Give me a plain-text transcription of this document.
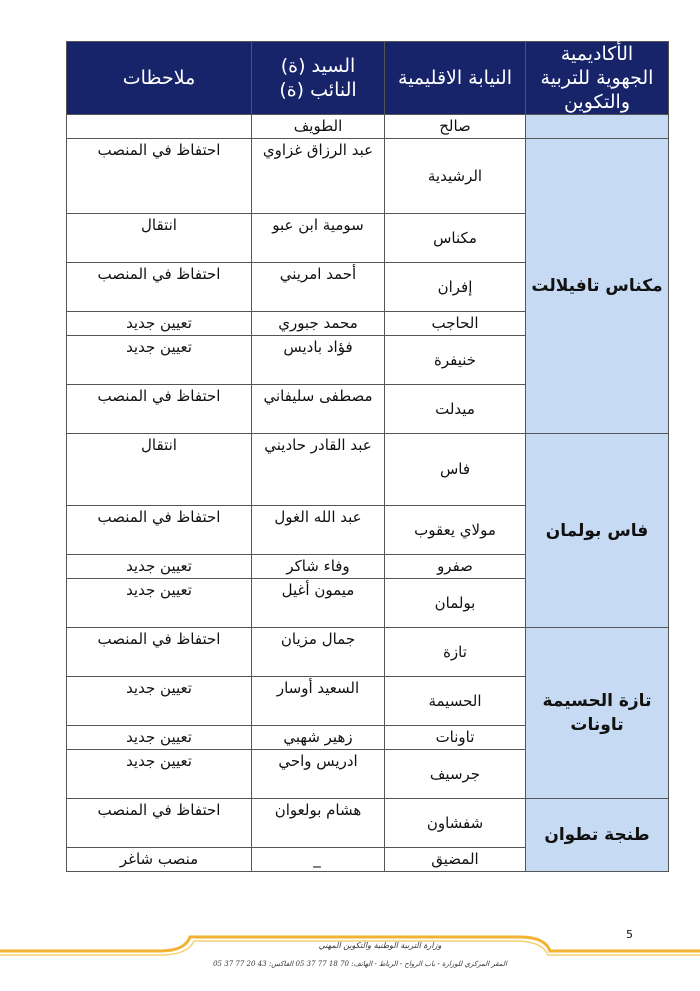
الأكاديمية الجهوية للتربية والتكوين	النيابة الاقليمية	السيد (ة) النائب (ة)	ملاحظات
	صالح	الطويف	
مكناس تافيلالت	الرشيدية	عبد الرزاق غزاوي	احتفاظ في المنصب
	مكناس	سومية ابن عبو	انتقال
	إفران	أحمد امريني	احتفاظ في المنصب
	الحاجب	محمد جبوري	تعيين جديد
	خنيفرة	فؤاد باديس	تعيين جديد
	ميدلت	مصطفى سليفاني	احتفاظ في المنصب
فاس بولمان	فاس	عبد القادر حاديني	انتقال
	مولاي يعقوب	عبد الله الغول	احتفاظ في المنصب
	صفرو	وفاء شاكر	تعيين جديد
	بولمان	ميمون أغيل	تعيين جديد
تازة الحسيمة تاونات	تازة	جمال مزيان	احتفاظ في المنصب
	الحسيمة	السعيد أوسار	تعيين جديد
	تاونات	زهير شهبي	تعيين جديد
	جرسيف	ادريس واحي	تعيين جديد
طنجة تطوان	شفشاون	هشام بولعوان	احتفاظ في المنصب
	المضيق	_	منصب شاغر
5
وزارة التربية الوطنية والتكوين المهني
المقر المركزي للوزارة - باب الرواح - الرباط - الهاتف: 70 18 77 37 05 الفاكس: 43 20 77 37 05
